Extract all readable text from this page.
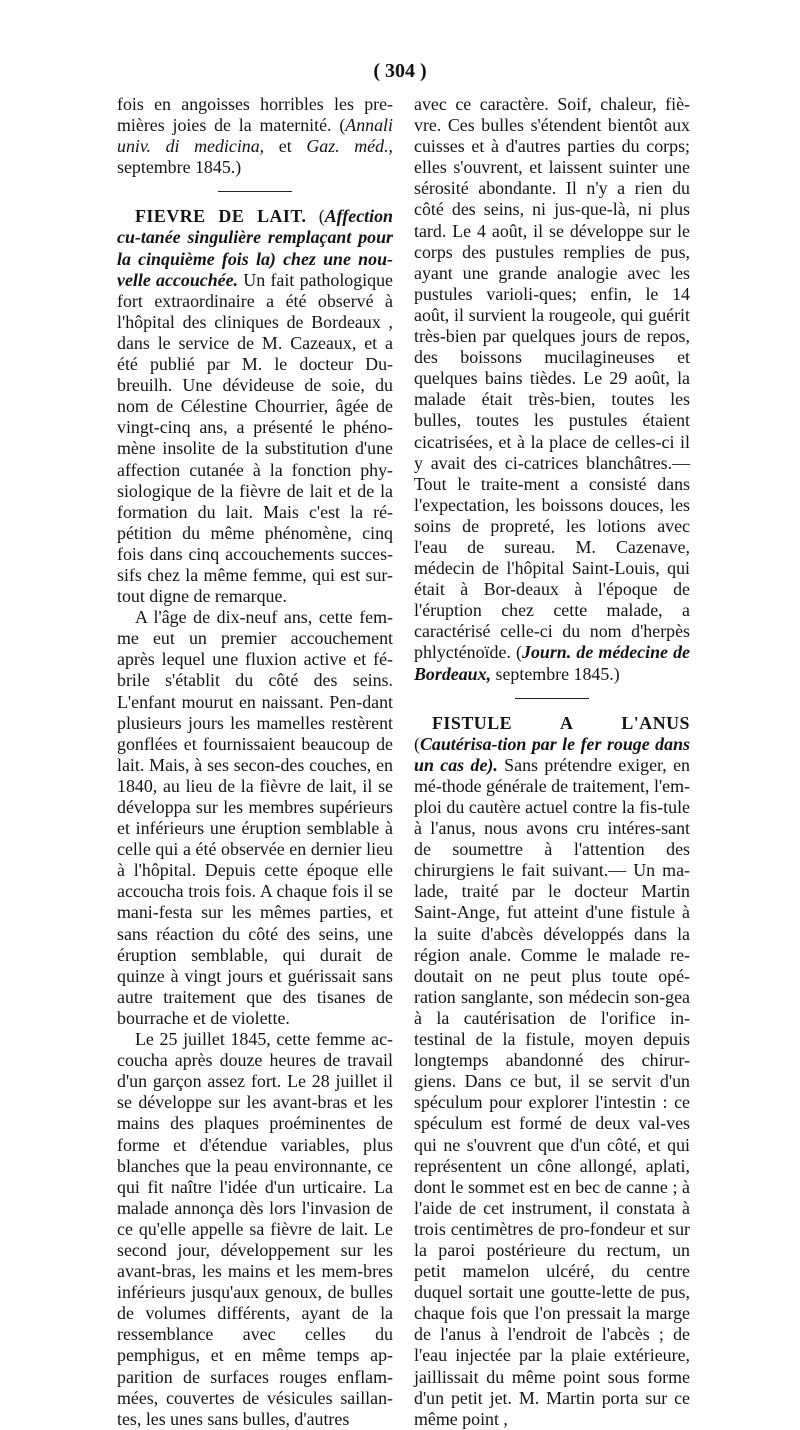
( 304 )

fois en angoisses horribles les pre-mières joies de la maternité. (Annali univ. di medicina, et Gaz. méd., septembre 1845.)

FIEVRE DE LAIT. (Affection cu-tanée singulière remplaçant pour la cinquième fois la) chez une nou-velle accouchée. Un fait pathologique fort extraordinaire a été observé à l'hôpital des cliniques de Bordeaux , dans le service de M. Cazeaux, et a été publié par M. le docteur Du-breuilh. Une dévideuse de soie, du nom de Célestine Chourrier, âgée de vingt-cinq ans, a présenté le phéno-mène insolite de la substitution d'une affection cutanée à la fonction phy-siologique de la fièvre de lait et de la formation du lait. Mais c'est la ré-pétition du même phénomène, cinq fois dans cinq accouchements succes-sifs chez la même femme, qui est sur-tout digne de remarque.

A l'âge de dix-neuf ans, cette fem-me eut un premier accouchement après lequel une fluxion active et fé-brile s'établit du côté des seins. L'enfant mourut en naissant. Pen-dant plusieurs jours les mamelles restèrent gonflées et fournissaient beaucoup de lait. Mais, à ses secon-des couches, en 1840, au lieu de la fièvre de lait, il se développa sur les membres supérieurs et inférieurs une éruption semblable à celle qui a été observée en dernier lieu à l'hôpital. Depuis cette époque elle accoucha trois fois. A chaque fois il se mani-festa sur les mêmes parties, et sans réaction du côté des seins, une éruption semblable, qui durait de quinze à vingt jours et guérissait sans autre traitement que des tisanes de bourrache et de violette.

Le 25 juillet 1845, cette femme ac-coucha après douze heures de travail d'un garçon assez fort. Le 28 juillet il se développe sur les avant-bras et les mains des plaques proéminentes de forme et d'étendue variables, plus blanches que la peau environnante, ce qui fit naître l'idée d'un urticaire. La malade annonça dès lors l'invasion de ce qu'elle appelle sa fièvre de lait. Le second jour, développement sur les avant-bras, les mains et les mem-bres inférieurs jusqu'aux genoux, de bulles de volumes différents, ayant de la ressemblance avec celles du pemphigus, et en même temps ap-parition de surfaces rouges enflam-mées, couvertes de vésicules saillan-tes, les unes sans bulles, d'autres

avec ce caractère. Soif, chaleur, fiè-vre. Ces bulles s'étendent bientôt aux cuisses et à d'autres parties du corps; elles s'ouvrent, et laissent suinter une sérosité abondante. Il n'y a rien du côté des seins, ni jus-que-là, ni plus tard. Le 4 août, il se développe sur le corps des pustules remplies de pus, ayant une grande analogie avec les pustules varioli-ques; enfin, le 14 août, il survient la rougeole, qui guérit très-bien par quelques jours de repos, des boissons mucilagineuses et quelques bains tièdes. Le 29 août, la malade était très-bien, toutes les bulles, toutes les pustules étaient cicatrisées, et à la place de celles-ci il y avait des ci-catrices blanchâtres.—Tout le traite-ment a consisté dans l'expectation, les boissons douces, les soins de propreté, les lotions avec l'eau de sureau. M. Cazenave, médecin de l'hôpital Saint-Louis, qui était à Bor-deaux à l'époque de l'éruption chez cette malade, a caractérisé celle-ci du nom d'herpès phlycténoïde. (Journ. de médecine de Bordeaux, septembre 1845.)

FISTULE A L'ANUS (Cautérisa-tion par le fer rouge dans un cas de). Sans prétendre exiger, en mé-thode générale de traitement, l'em-ploi du cautère actuel contre la fis-tule à l'anus, nous avons cru intéres-sant de soumettre à l'attention des chirurgiens le fait suivant.— Un ma-lade, traité par le docteur Martin Saint-Ange, fut atteint d'une fistule à la suite d'abcès développés dans la région anale. Comme le malade re-doutait on ne peut plus toute opé-ration sanglante, son médecin son-gea à la cautérisation de l'orifice in-testinal de la fistule, moyen depuis longtemps abandonné des chirur-giens. Dans ce but, il se servit d'un spéculum pour explorer l'intestin : ce spéculum est formé de deux val-ves qui ne s'ouvrent que d'un côté, et qui représentent un cône allongé, aplati, dont le sommet est en bec de canne ; à l'aide de cet instrument, il constata à trois centimètres de pro-fondeur et sur la paroi postérieure du rectum, un petit mamelon ulcéré, du centre duquel sortait une goutte-lette de pus, chaque fois que l'on pressait la marge de l'anus à l'endroit de l'abcès ; de l'eau injectée par la plaie extérieure, jaillissait du même point sous forme d'un petit jet. M. Martin porta sur ce même point ,
